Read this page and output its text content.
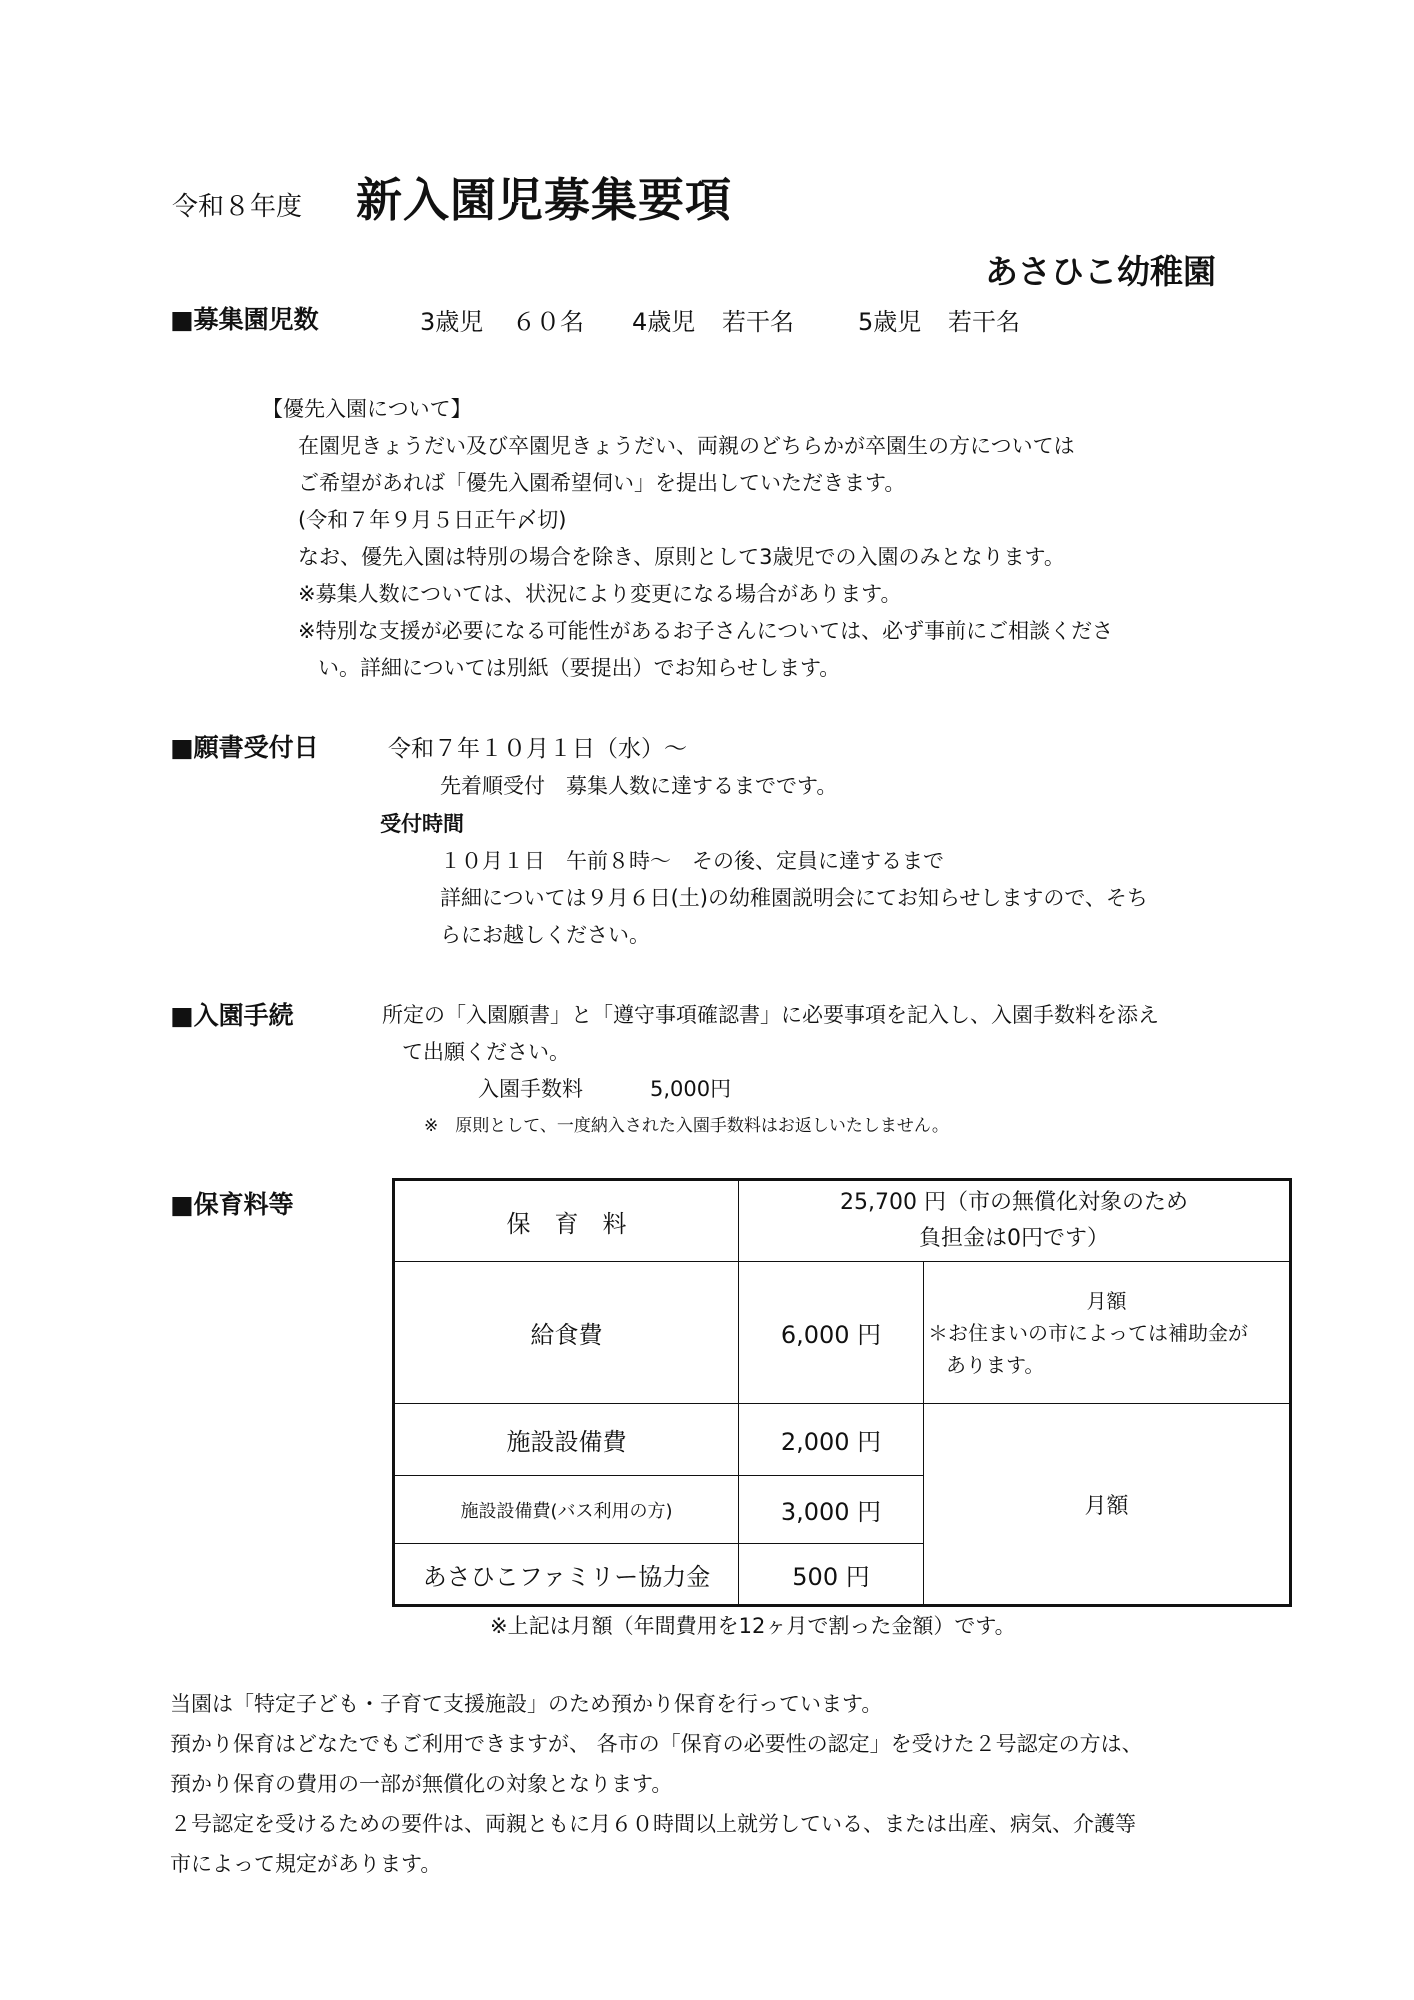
令和８年度 新入園児募集要項
あさひこ幼稚園
■募集園児数	3歳児 ６０名 4歳児 若干名	5歳児 若干名
【優先入園について】
在園児きょうだい及び卒園児きょうだい、両親のどちらかが卒園生の方については
ご希望があれば「優先入園希望伺い」を提出していただきます。
(令和７年９月５日正午〆切)
なお、優先入園は特別の場合を除き、原則として3歳児での入園のみとなります。
※募集人数については、状況により変更になる場合があります。
※特別な支援が必要になる可能性があるお子さんについては、必ず事前にご相談くださ
い。詳細については別紙（要提出）でお知らせします。
■願書受付日	令和７年１０月１日（水）～
先着順受付　募集人数に達するまでです。
受付時間
１０月１日　午前８時～　その後、定員に達するまで
詳細については９月６日(土)の幼稚園説明会にてお知らせしますので、そち
らにお越しください。
■入園手続	所定の「入園願書」と「遵守事項確認書」に必要事項を記入し、入園手数料を添え
て出願ください。
入園手数料	5,000円
※　原則として、一度納入された入園手数料はお返しいたしません。
■保育料等
保　育　料	25,700 円（市の無償化対象のため
負担金は0円です）	

給食費	6,000 円	月額
＊お住まいの市によっては補助金が
あります。

施設設備費	2,000 円	月額
施設設備費(バス利用の方)	3,000 円	
あさひこファミリー協力金	500 円	
※上記は月額（年間費用を12ヶ月で割った金額）です。
当園は「特定子ども・子育て支援施設」のため預かり保育を行っています。
預かり保育はどなたでもご利用できますが、 各市の「保育の必要性の認定」を受けた２号認定の方は、
預かり保育の費用の一部が無償化の対象となります。
２号認定を受けるための要件は、両親ともに月６０時間以上就労している、または出産、病気、介護等
市によって規定があります。
